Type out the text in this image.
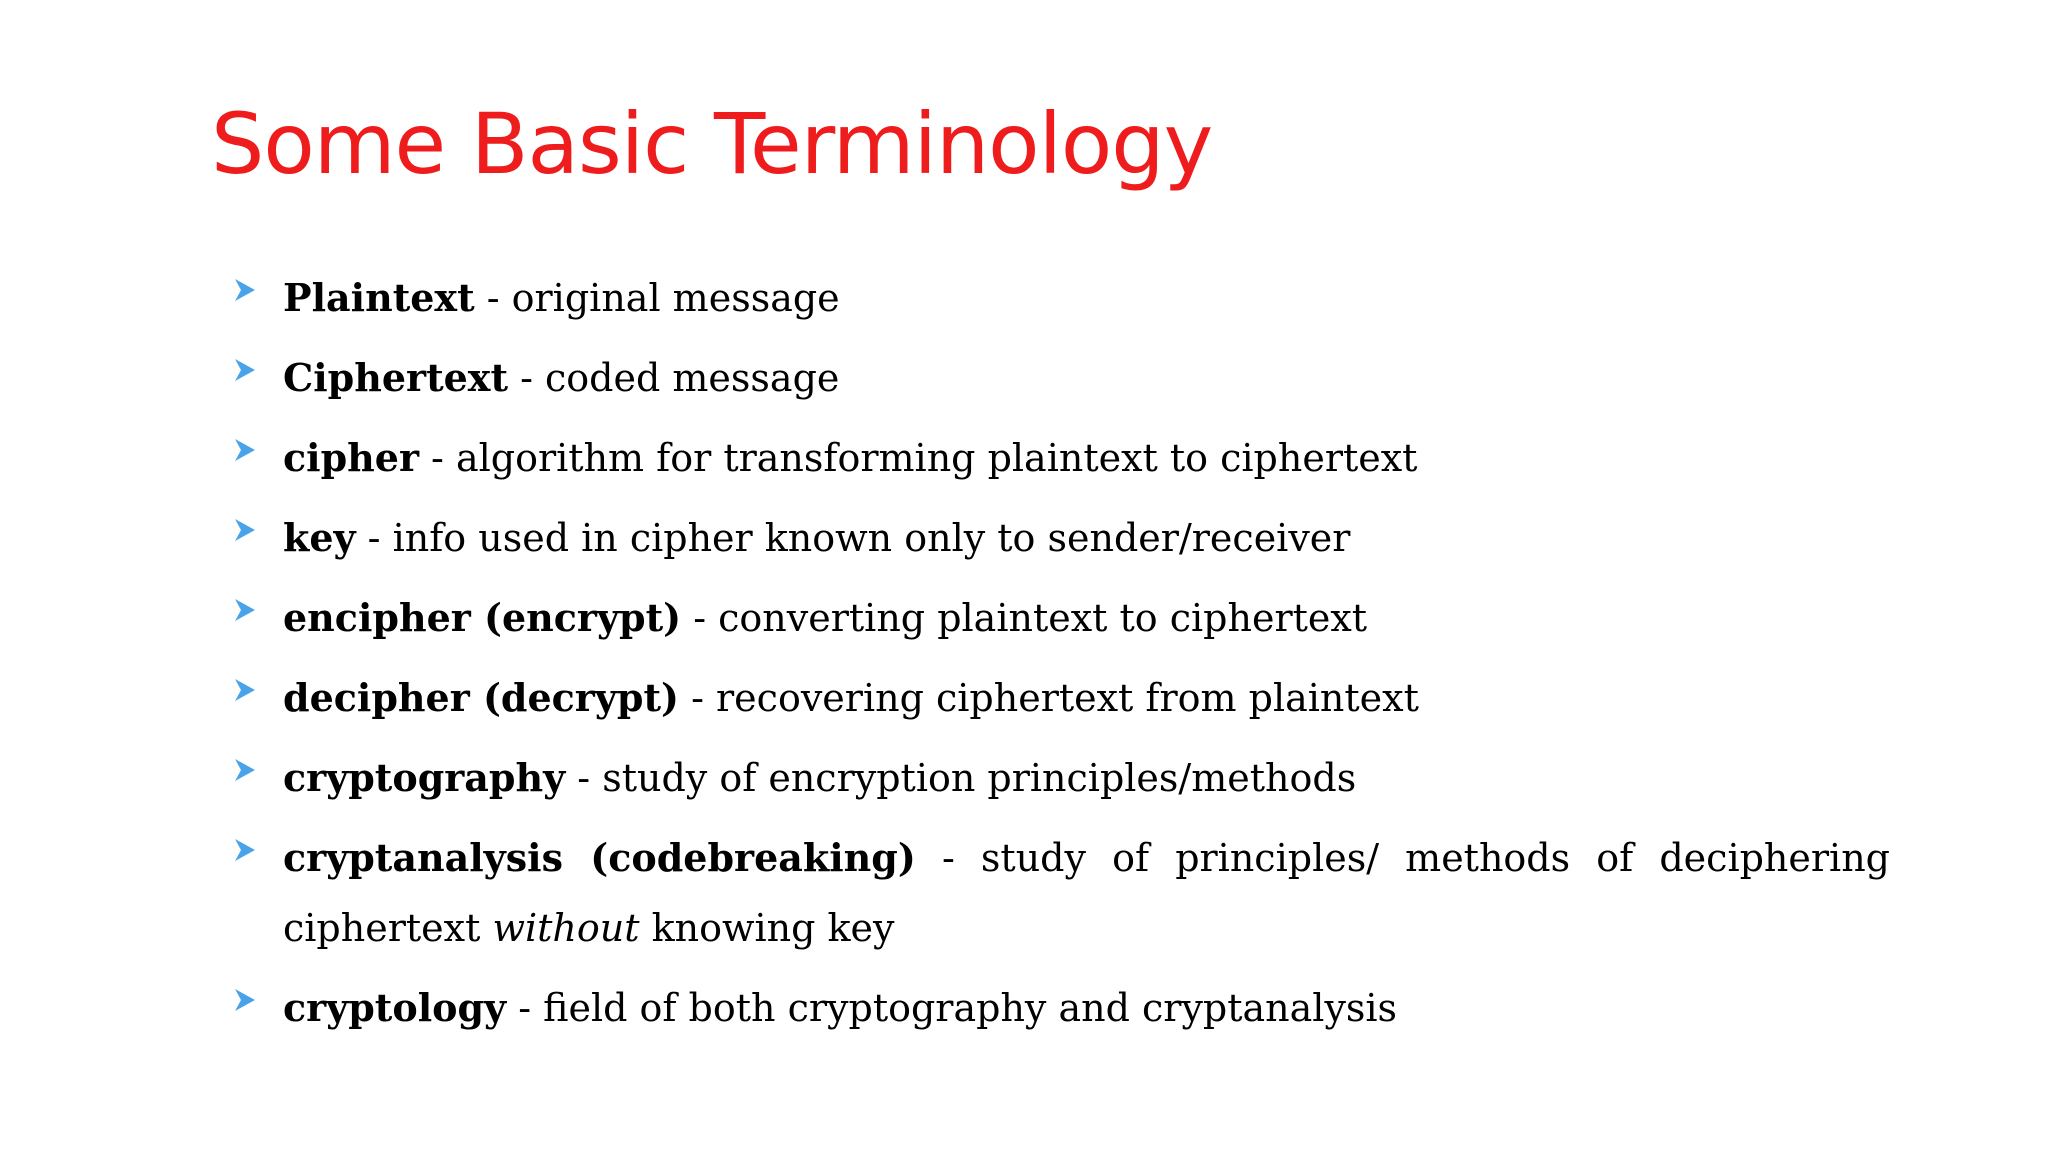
Some Basic Terminology
Plaintext - original message
Ciphertext - coded message
cipher - algorithm for transforming plaintext to ciphertext
key - info used in cipher known only to sender/receiver
encipher (encrypt) - converting plaintext to ciphertext
decipher (decrypt) - recovering ciphertext from plaintext
cryptography - study of encryption principles/methods
cryptanalysis (codebreaking) - study of principles/ methods of deciphering ciphertext without knowing key
cryptology - field of both cryptography and cryptanalysis
